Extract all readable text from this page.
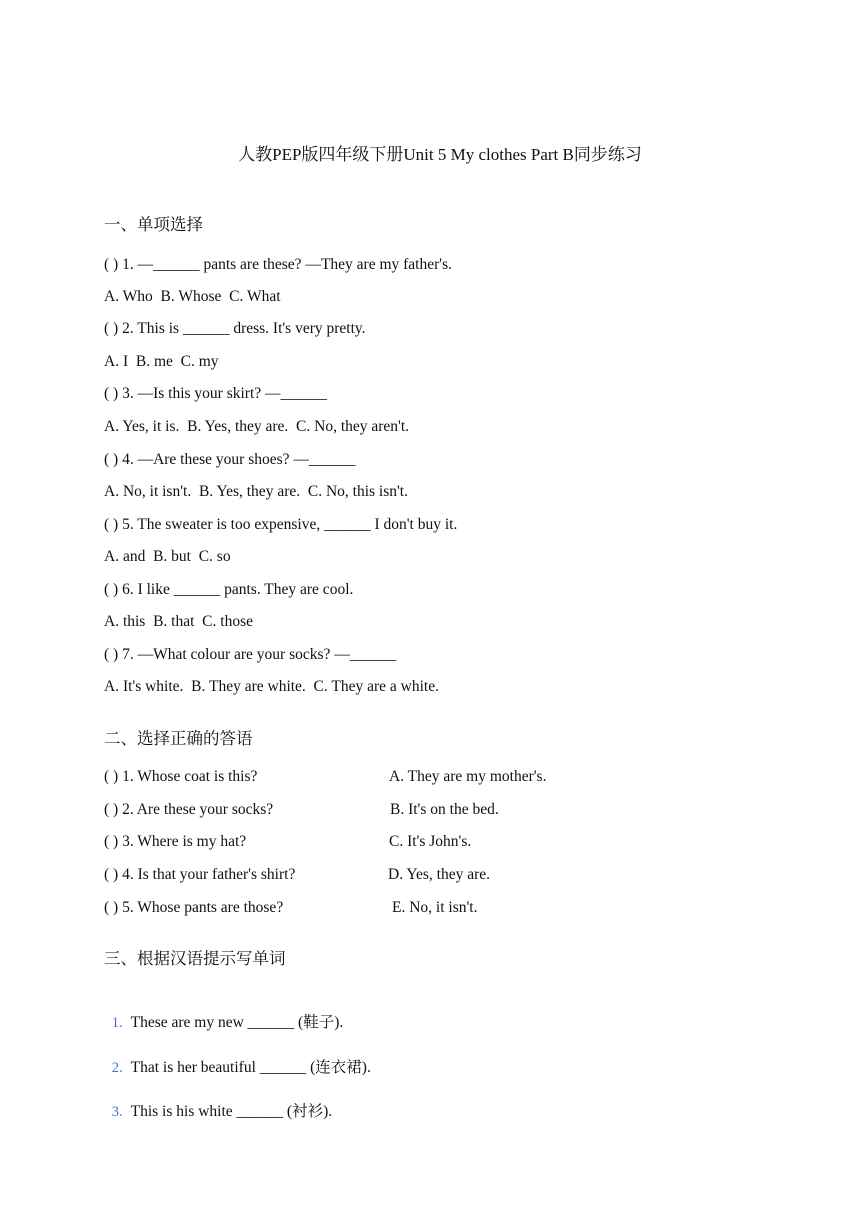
人教PEP版四年级下册Unit 5 My clothes Part B同步练习
一、单项选择
( ) 1. —______ pants are these? —They are my father's.
A. Who  B. Whose  C. What
( ) 2. This is ______ dress. It's very pretty.
A. I  B. me  C. my
( ) 3. —Is this your skirt? —______
A. Yes, it is.  B. Yes, they are.  C. No, they aren't.
( ) 4. —Are these your shoes? —______
A. No, it isn't.  B. Yes, they are.  C. No, this isn't.
( ) 5. The sweater is too expensive, ______ I don't buy it.
A. and  B. but  C. so
( ) 6. I like ______ pants. They are cool.
A. this  B. that  C. those
( ) 7. —What colour are your socks? —______
A. It's white.  B. They are white.  C. They are a white.
二、选择正确的答语
( ) 1. Whose coat is this?	A. They are my mother's.
( ) 2. Are these your socks?	B. It's on the bed.
( ) 3. Where is my hat?	C. It's John's.
( ) 4. Is that your father's shirt?	D. Yes, they are.
( ) 5. Whose pants are those?	E. No, it isn't.
三、根据汉语提示写单词

1. These are my new ______ (鞋子).

2. That is her beautiful ______ (连衣裙).

3. This is his white ______ (衬衫).
